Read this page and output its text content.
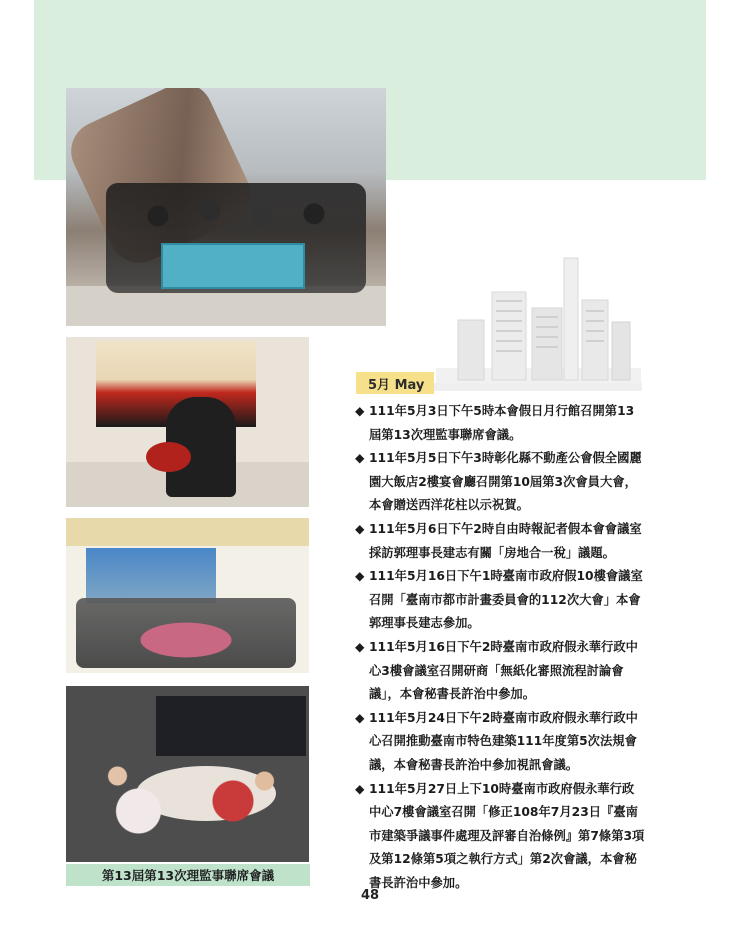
第13屆第13次理監事聯席會議
5月 May
◆ 111年5月3日下午5時本會假日月行館召開第13屆第13次理監事聯席會議。
◆ 111年5月5日下午3時彰化縣不動產公會假全國麗園大飯店2樓宴會廳召開第10屆第3次會員大會，本會贈送西洋花柱以示祝賀。
◆ 111年5月6日下午2時自由時報記者假本會會議室採訪郭理事長建志有關「房地合一稅」議題。
◆ 111年5月16日下午1時臺南市政府假10樓會議室召開「臺南市都市計畫委員會的112次大會」本會郭理事長建志參加。
◆ 111年5月16日下午2時臺南市政府假永華行政中心3樓會議室召開研商「無紙化審照流程討論會議」，本會秘書長許治中參加。
◆ 111年5月24日下午2時臺南市政府假永華行政中心召開推動臺南市特色建築111年度第5次法規會議，本會秘書長許治中參加視訊會議。
◆ 111年5月27日上下10時臺南市政府假永華行政中心7樓會議室召開「修正108年7月23日『臺南市建築爭議事件處理及評審自治條例』第7條第3項及第12條第5項之執行方式」第2次會議，本會秘書長許治中參加。
48
